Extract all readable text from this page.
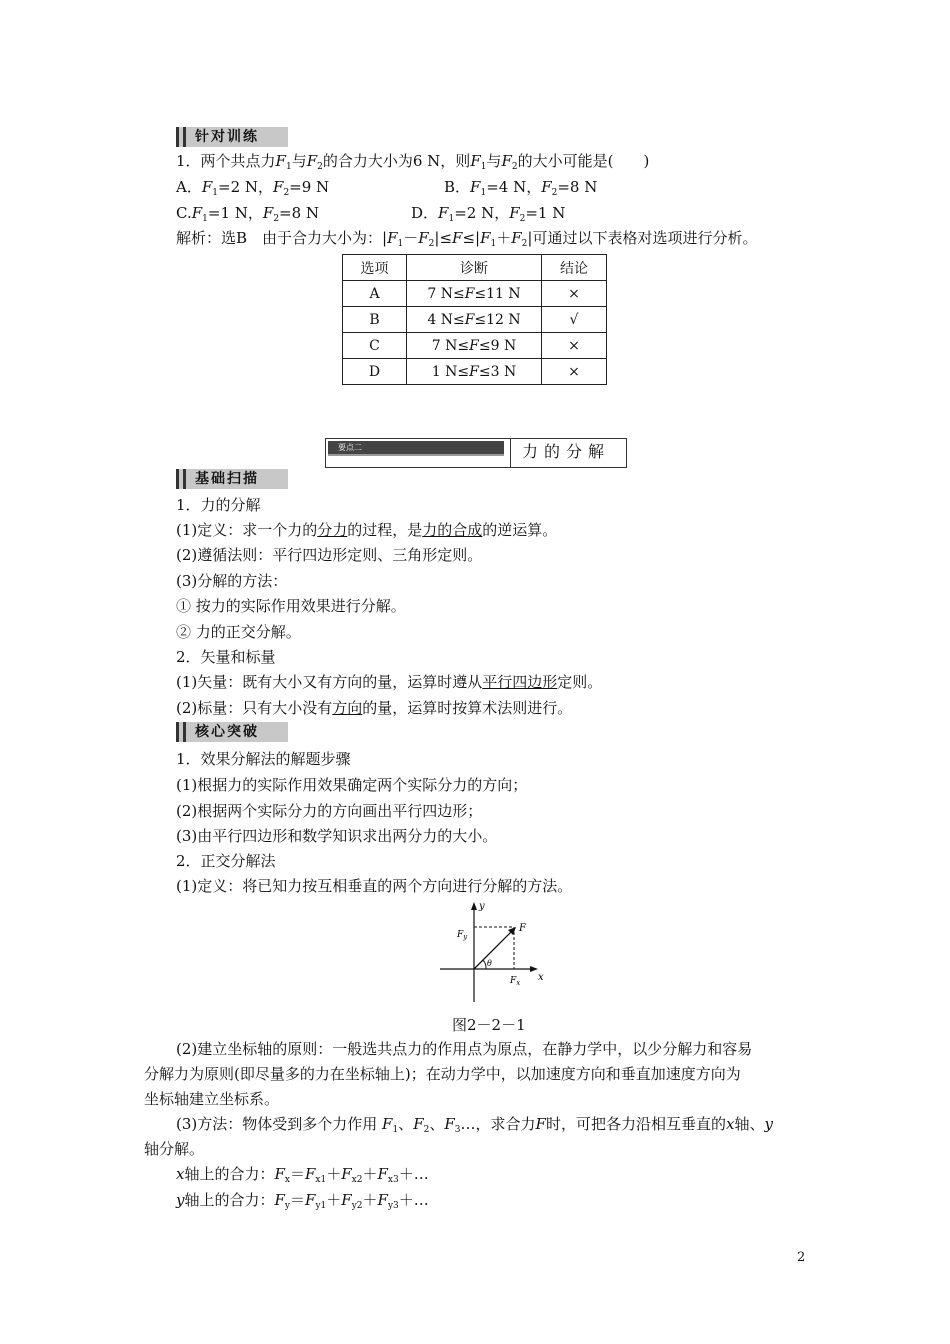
针对训练
1．两个共点力$F_1$与$F_2$的合力大小为6 N，则$F_1$与$F_2$的大小可能是(　　)
A．$F_1=2$ N，$F_2=9$ N	B．$F_1=4$ N，$F_2=8$ N
$C.F_1=1$ N，$F_2=8$ N	D．$F_1=2$ N，$F_2=1$ N
解析：选B　由于合力大小为：$|F_1-F_2|\le F\le|F_1+F_2|$可通过以下表格对选项进行分析。
选项	诊断	结论
A	7 N≤F≤11 N	×
B	4 N≤F≤12 N	√
C	7 N≤F≤9 N	×
D	1 N≤F≤3 N	×
要点二	力的分解
基础扫描
1．力的分解
(1)定义：求一个力的分力的过程，是力的合成的逆运算。
(2)遵循法则：平行四边形定则、三角形定则。
(3)分解的方法：
① 按力的实际作用效果进行分解。
② 力的正交分解。
2．矢量和标量
(1)矢量：既有大小又有方向的量，运算时遵从平行四边形定则。
(2)标量：只有大小没有方向的量，运算时按算术法则进行。
核心突破
1．效果分解法的解题步骤
(1)根据力的实际作用效果确定两个实际分力的方向；
(2)根据两个实际分力的方向画出平行四边形；
(3)由平行四边形和数学知识求出两分力的大小。
2．正交分解法
(1)定义：将已知力按互相垂直的两个方向进行分解的方法。
y
x
F
$F_y$
$F_x$
θ
图2－2－1
(2)建立坐标轴的原则：一般选共点力的作用点为原点，在静力学中，以少分解力和容易
分解力为原则(即尽量多的力在坐标轴上)；在动力学中，以加速度方向和垂直加速度方向为
坐标轴建立坐标系。
(3)方法：物体受到多个力作用 $F_1$、$F_2$、$F_3\dots$，求合力F时，可把各力沿相互垂直的x轴、y
轴分解。
x轴上的合力：$F_x=F_{x1}+F_{x2}+F_{x3}+\dots$
y轴上的合力：$F_y=F_{y1}+F_{y2}+F_{y3}+\dots$
2
